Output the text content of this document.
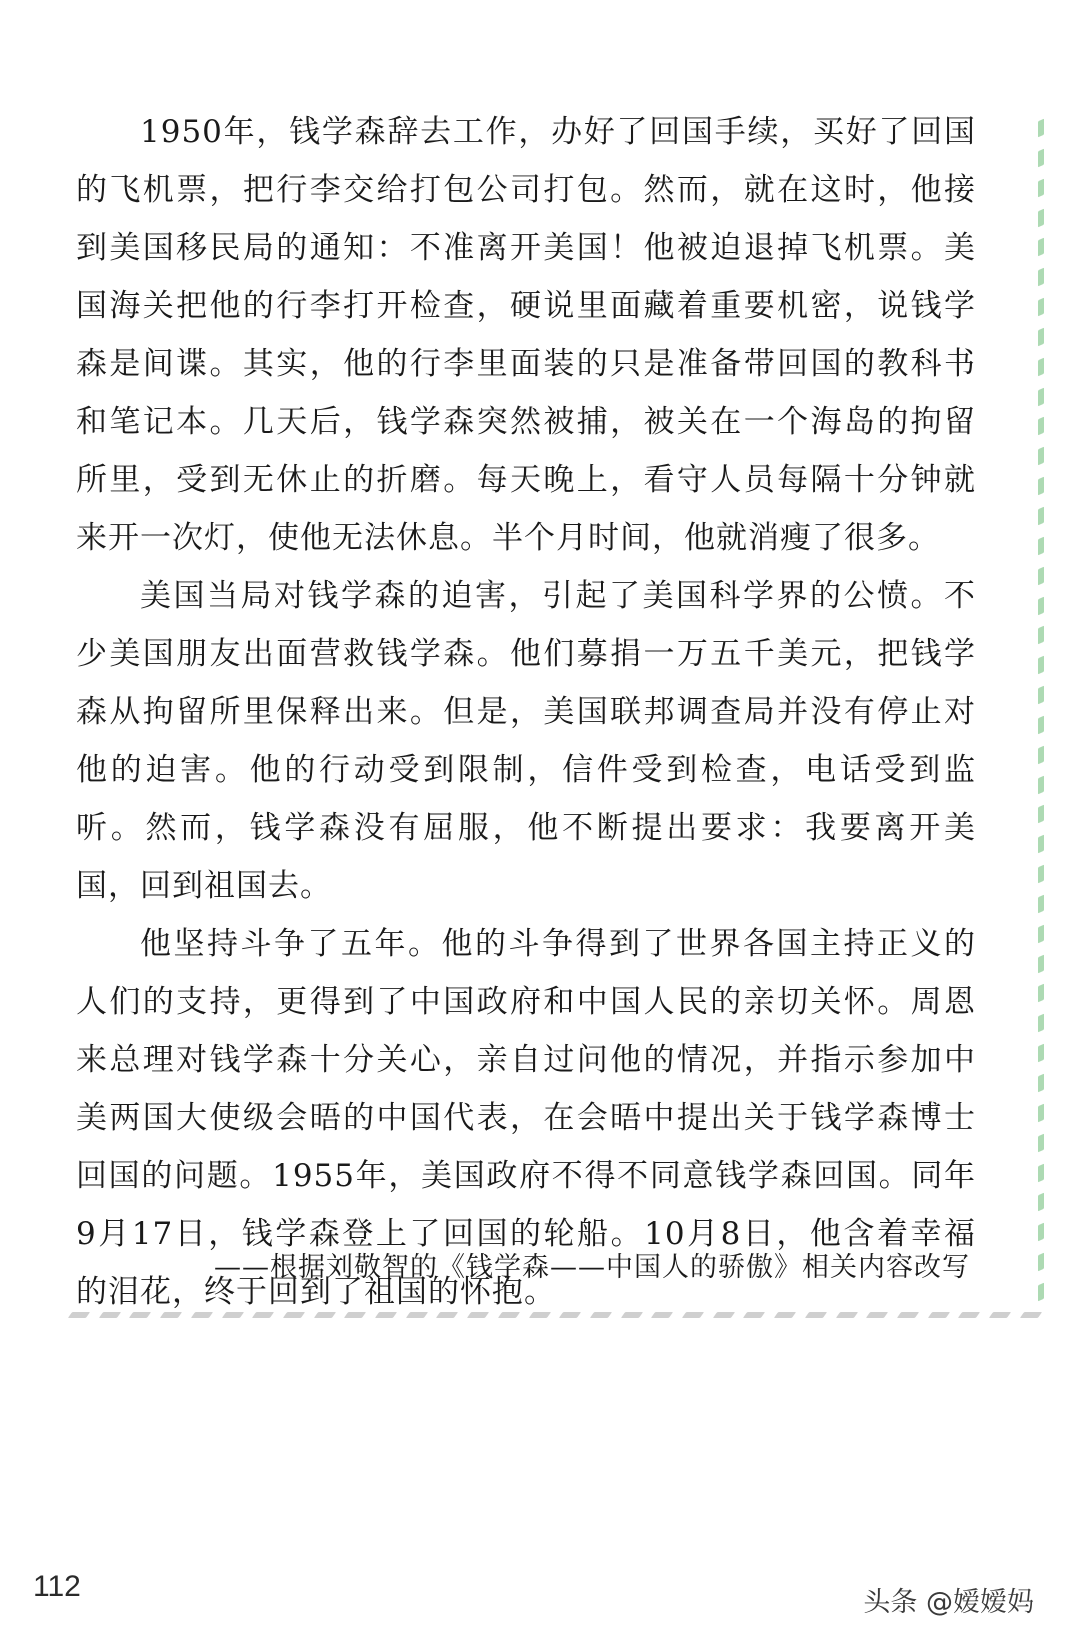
1950年，钱学森辞去工作，办好了回国手续，买好了回国
的飞机票，把行李交给打包公司打包。然而，就在这时，他接
到美国移民局的通知：不准离开美国！他被迫退掉飞机票。美
国海关把他的行李打开检查，硬说里面藏着重要机密，说钱学
森是间谍。其实，他的行李里面装的只是准备带回国的教科书
和笔记本。几天后，钱学森突然被捕，被关在一个海岛的拘留
所里，受到无休止的折磨。每天晚上，看守人员每隔十分钟就
来开一次灯，使他无法休息。半个月时间，他就消瘦了很多。
美国当局对钱学森的迫害，引起了美国科学界的公愤。不
少美国朋友出面营救钱学森。他们募捐一万五千美元，把钱学
森从拘留所里保释出来。但是，美国联邦调查局并没有停止对
他的迫害。他的行动受到限制，信件受到检查，电话受到监
听。然而，钱学森没有屈服，他不断提出要求：我要离开美
国，回到祖国去。
他坚持斗争了五年。他的斗争得到了世界各国主持正义的
人们的支持，更得到了中国政府和中国人民的亲切关怀。周恩
来总理对钱学森十分关心，亲自过问他的情况，并指示参加中
美两国大使级会晤的中国代表，在会晤中提出关于钱学森博士
回国的问题。1955年，美国政府不得不同意钱学森回国。同年
9月17日，钱学森登上了回国的轮船。10月8日，他含着幸福
的泪花，终于回到了祖国的怀抱。
——根据刘敬智的《钱学森——中国人的骄傲》相关内容改写
112	头条 @嫒嫒妈
